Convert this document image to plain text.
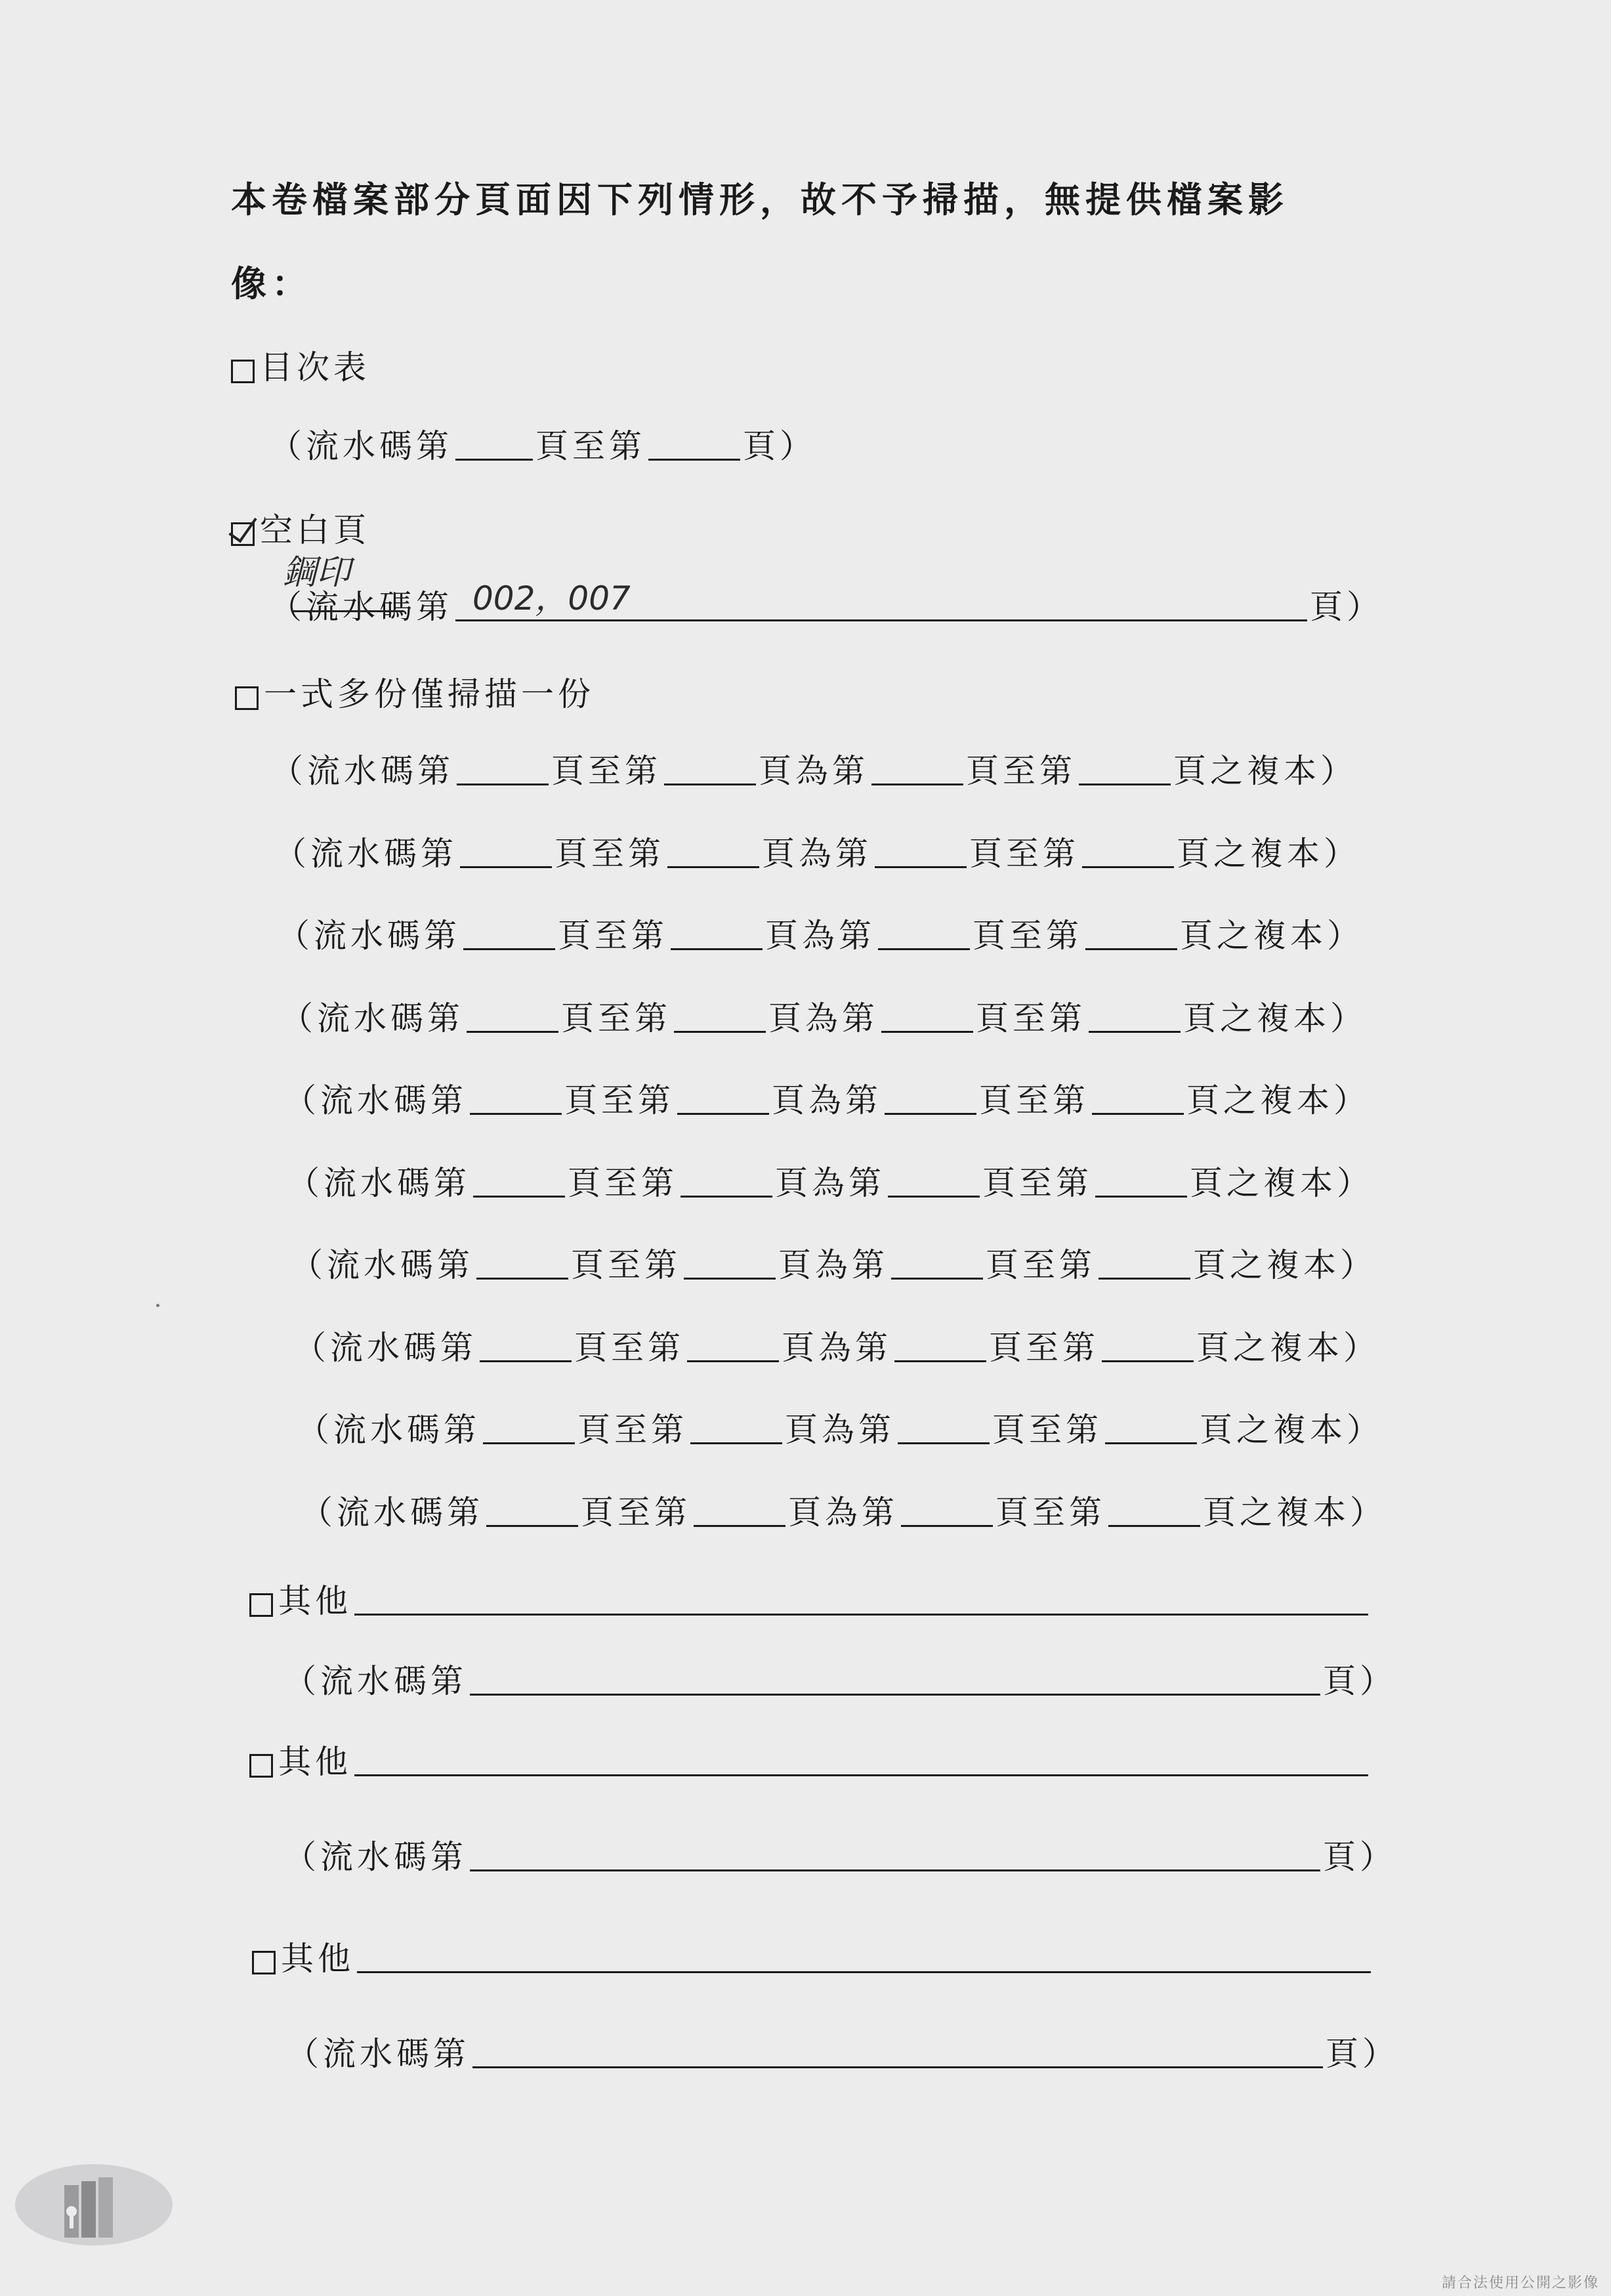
本卷檔案部分頁面因下列情形，故不予掃描，無提供檔案影
像：
目次表
（流水碼第	頁至第	頁）
空白頁
鋼印
（ 流水碼 第	頁）
002，007
一式多份僅掃描一份
（流水碼第	頁至第	頁為第	頁至第	頁之複本）
（流水碼第	頁至第	頁為第	頁至第	頁之複本）
（流水碼第	頁至第	頁為第	頁至第	頁之複本）
（流水碼第	頁至第	頁為第	頁至第	頁之複本）
（流水碼第	頁至第	頁為第	頁至第	頁之複本）
（流水碼第	頁至第	頁為第	頁至第	頁之複本）
（流水碼第	頁至第	頁為第	頁至第	頁之複本）
（流水碼第	頁至第	頁為第	頁至第	頁之複本）
（流水碼第	頁至第	頁為第	頁至第	頁之複本）
（流水碼第	頁至第	頁為第	頁至第	頁之複本）
其他
（流水碼第	頁）
其他
（流水碼第	頁）
其他
（流水碼第	頁）
請合法使用公開之影像
